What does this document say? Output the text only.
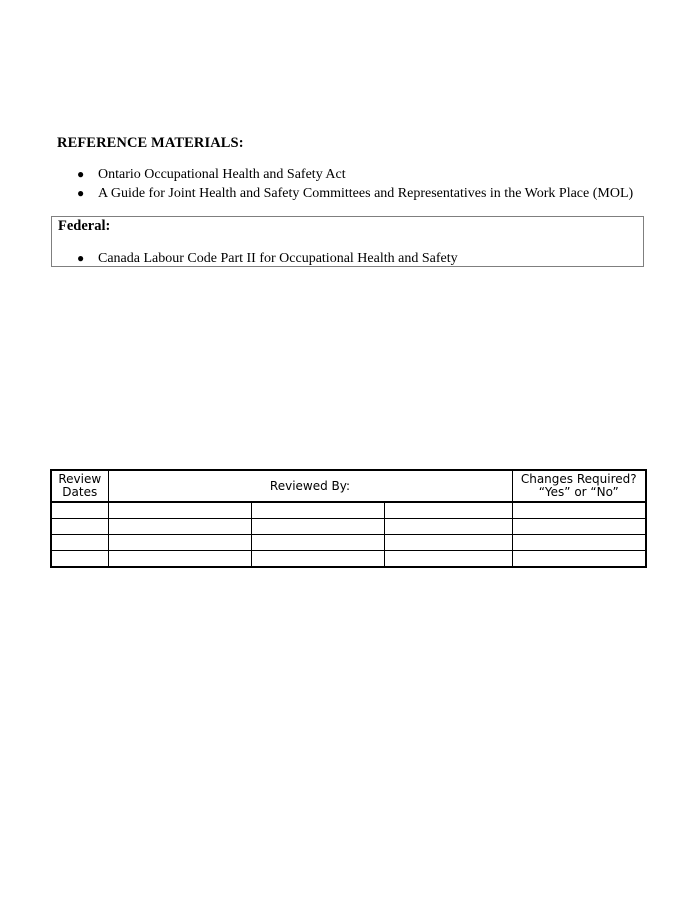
REFERENCE MATERIALS:
● Ontario Occupational Health and Safety Act
● A Guide for Joint Health and Safety Committees and Representatives in the Work Place (MOL)
Federal:
● Canada Labour Code Part II for Occupational Health and Safety
Review Dates	Reviewed By:			Changes Required? “Yes” or “No”
